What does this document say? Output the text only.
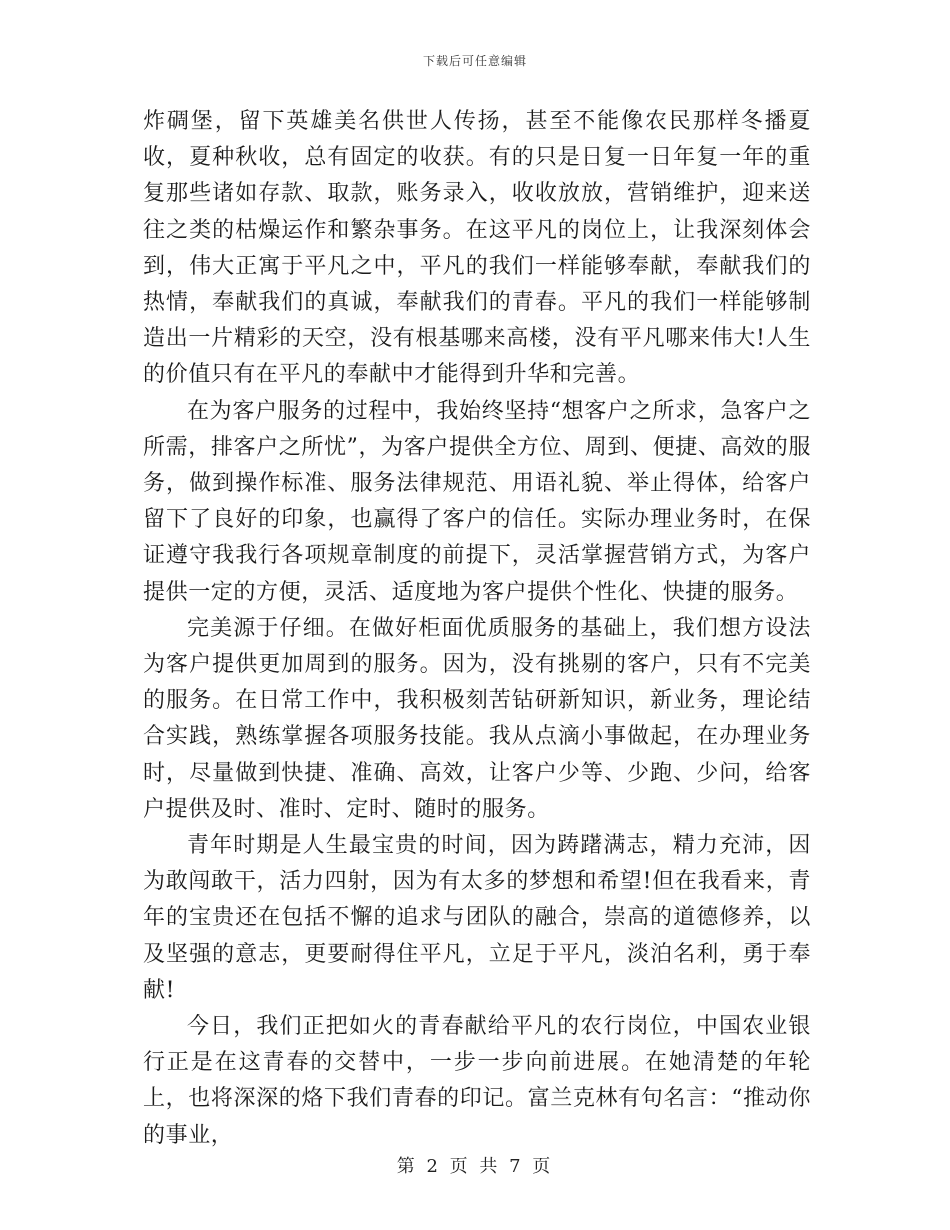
下载后可任意编辑

炸碉堡，留下英雄美名供世人传扬，甚至不能像农民那样冬播夏收，夏种秋收，总有固定的收获。有的只是日复一日年复一年的重复那些诸如存款、取款，账务录入，收收放放，营销维护，迎来送往之类的枯燥运作和繁杂事务。在这平凡的岗位上，让我深刻体会到，伟大正寓于平凡之中，平凡的我们一样能够奉献，奉献我们的热情，奉献我们的真诚，奉献我们的青春。平凡的我们一样能够制造出一片精彩的天空，没有根基哪来高楼，没有平凡哪来伟大!人生的价值只有在平凡的奉献中才能得到升华和完善。

在为客户服务的过程中，我始终坚持“想客户之所求，急客户之所需，排客户之所忧”，为客户提供全方位、周到、便捷、高效的服务，做到操作标准、服务法律规范、用语礼貌、举止得体，给客户留下了良好的印象，也赢得了客户的信任。实际办理业务时，在保证遵守我我行各项规章制度的前提下，灵活掌握营销方式，为客户提供一定的方便，灵活、适度地为客户提供个性化、快捷的服务。

完美源于仔细。在做好柜面优质服务的基础上，我们想方设法为客户提供更加周到的服务。因为，没有挑剔的客户，只有不完美的服务。在日常工作中，我积极刻苦钻研新知识，新业务，理论结合实践，熟练掌握各项服务技能。我从点滴小事做起，在办理业务时，尽量做到快捷、准确、高效，让客户少等、少跑、少问，给客户提供及时、准时、定时、随时的服务。

青年时期是人生最宝贵的时间，因为踌躇满志，精力充沛，因为敢闯敢干，活力四射，因为有太多的梦想和希望!但在我看来，青年的宝贵还在包括不懈的追求与团队的融合，崇高的道德修养，以及坚强的意志，更要耐得住平凡，立足于平凡，淡泊名利，勇于奉献!

今日，我们正把如火的青春献给平凡的农行岗位，中国农业银行正是在这青春的交替中，一步一步向前进展。在她清楚的年轮上，也将深深的烙下我们青春的印记。富兰克林有句名言：“推动你的事业，

第 2 页 共 7 页
